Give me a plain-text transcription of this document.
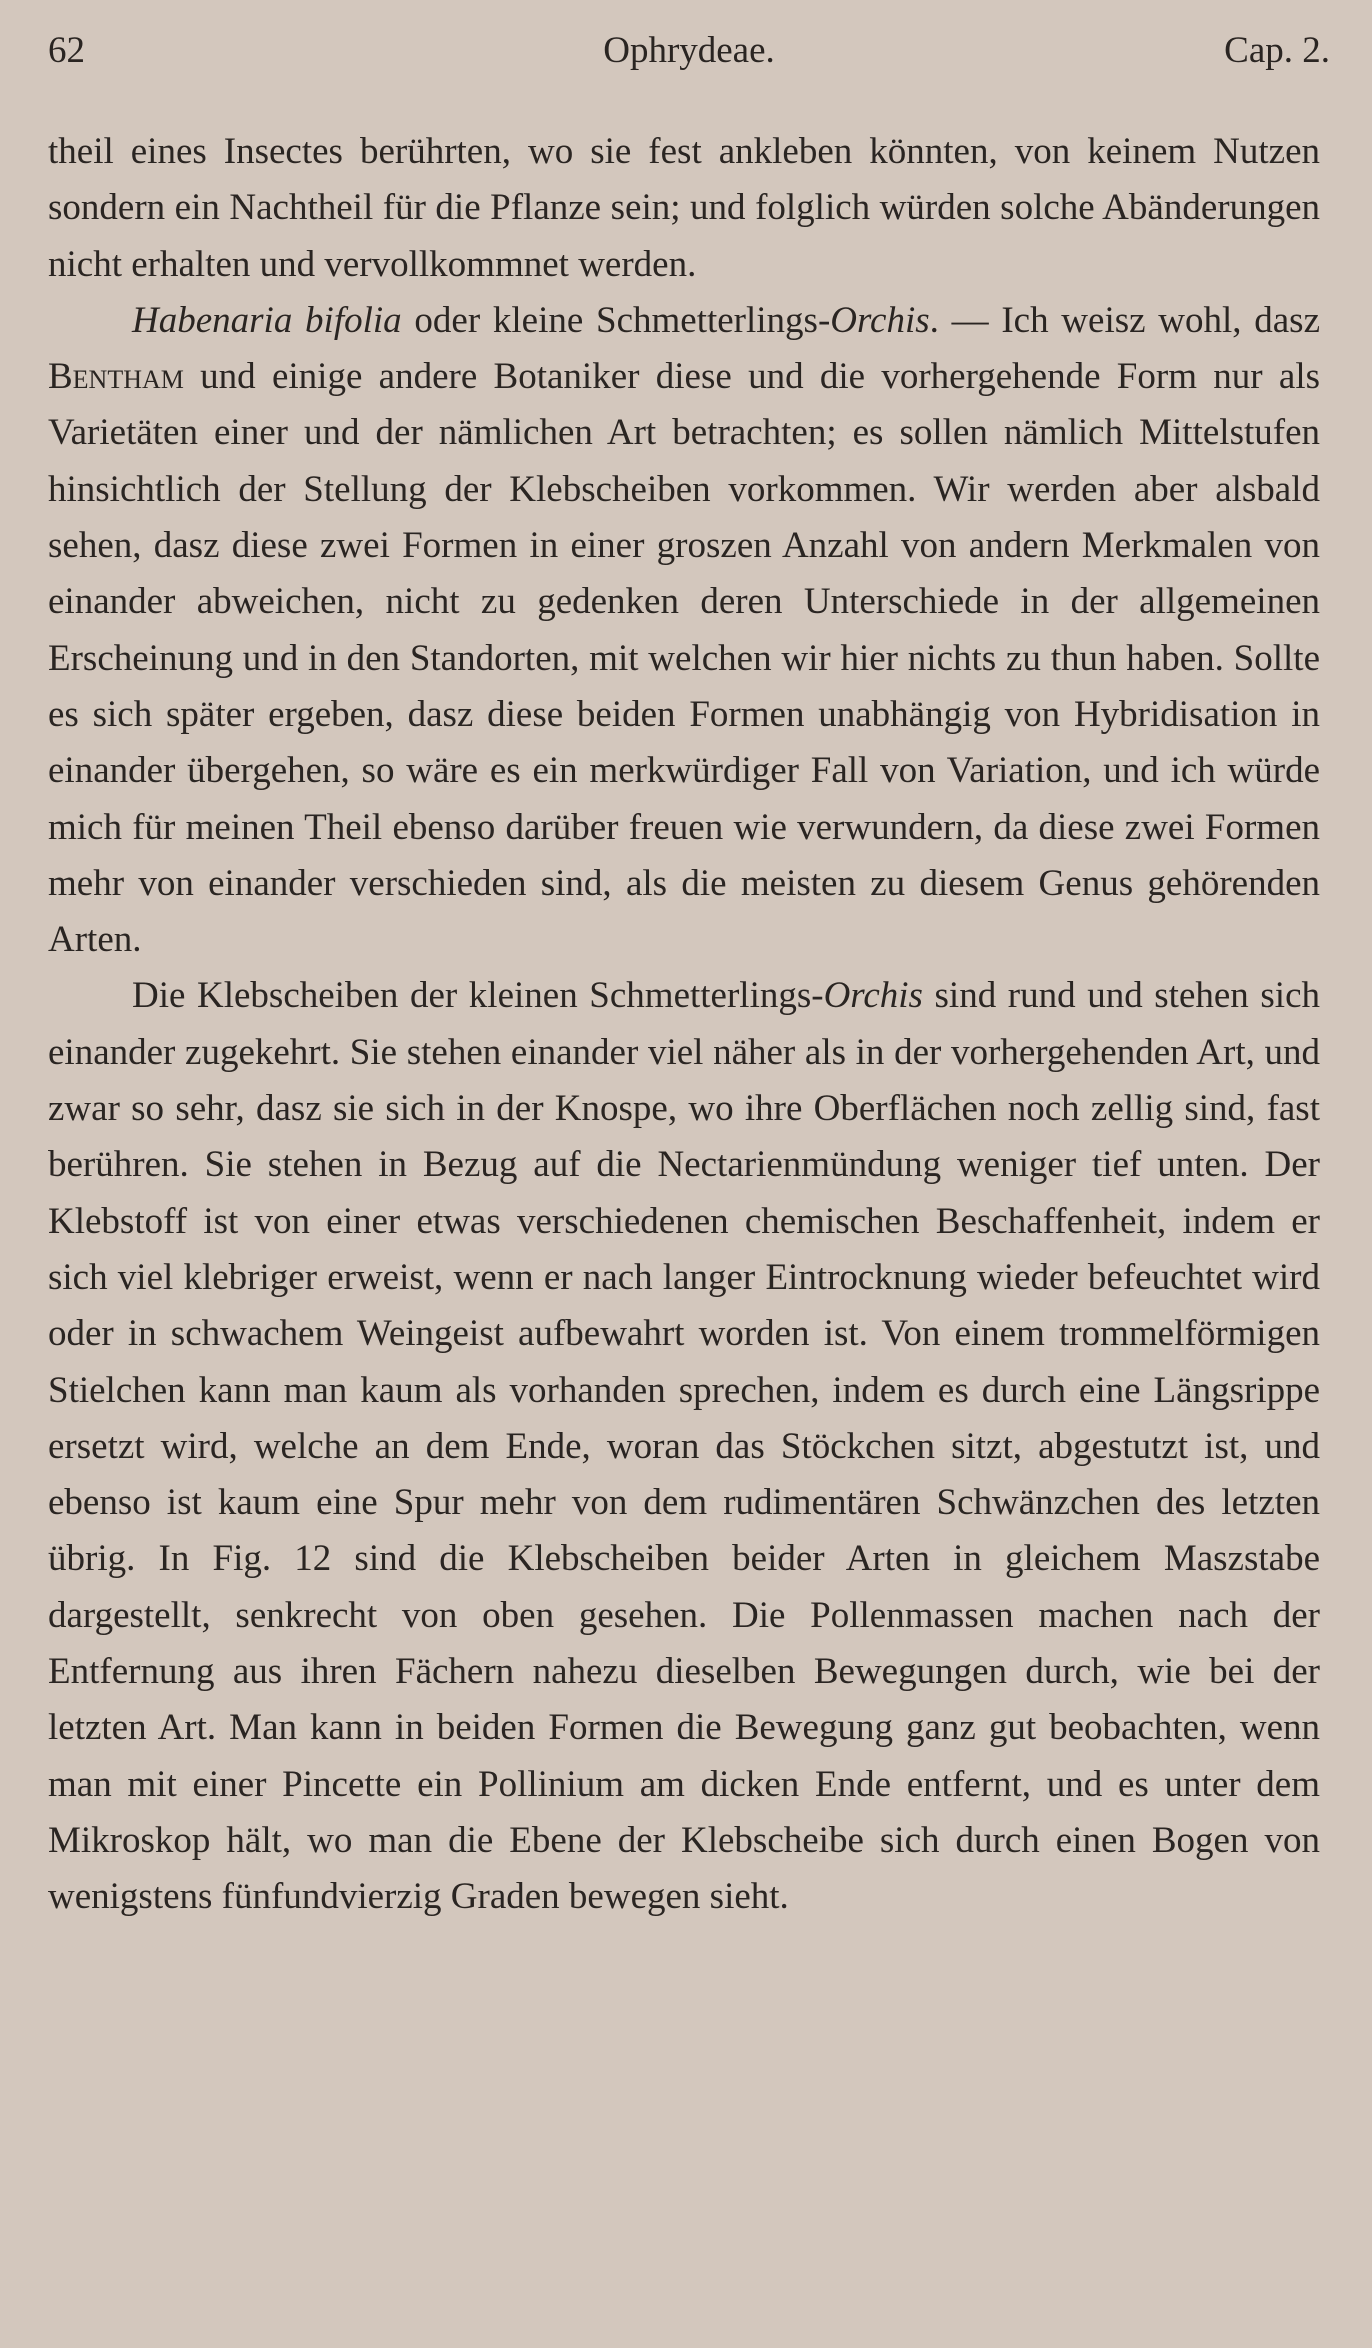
Ophrydeae.
62	Cap. 2.

theil eines Insectes berührten, wo sie fest ankleben könnten, von keinem Nutzen sondern ein Nachtheil für die Pflanze sein; und folglich würden solche Abänderungen nicht erhalten und vervollkommnet werden.

Habenaria bifolia oder kleine Schmetterlings-Orchis. — Ich weisz wohl, dasz Bentham und einige andere Botaniker diese und die vorhergehende Form nur als Varietäten einer und der nämlichen Art betrachten; es sollen nämlich Mittelstufen hinsichtlich der Stellung der Klebscheiben vorkommen. Wir werden aber alsbald sehen, dasz diese zwei Formen in einer groszen Anzahl von andern Merkmalen von einander abweichen, nicht zu gedenken deren Unterschiede in der allgemeinen Erscheinung und in den Standorten, mit welchen wir hier nichts zu thun haben. Sollte es sich später ergeben, dasz diese beiden Formen unabhängig von Hybridisation in einander übergehen, so wäre es ein merkwürdiger Fall von Variation, und ich würde mich für meinen Theil ebenso darüber freuen wie verwundern, da diese zwei Formen mehr von einander verschieden sind, als die meisten zu diesem Genus gehörenden Arten.

Die Klebscheiben der kleinen Schmetterlings-Orchis sind rund und stehen sich einander zugekehrt. Sie stehen einander viel näher als in der vorhergehenden Art, und zwar so sehr, dasz sie sich in der Knospe, wo ihre Oberflächen noch zellig sind, fast berühren. Sie stehen in Bezug auf die Nectarienmündung weniger tief unten. Der Klebstoff ist von einer etwas verschiedenen chemischen Beschaffenheit, indem er sich viel klebriger erweist, wenn er nach langer Eintrocknung wieder befeuchtet wird oder in schwachem Weingeist aufbewahrt worden ist. Von einem trommelförmigen Stielchen kann man kaum als vorhanden sprechen, indem es durch eine Längsrippe ersetzt wird, welche an dem Ende, woran das Stöckchen sitzt, abgestutzt ist, und ebenso ist kaum eine Spur mehr von dem rudimentären Schwänzchen des letzten übrig. In Fig. 12 sind die Klebscheiben beider Arten in gleichem Maszstabe dargestellt, senkrecht von oben gesehen. Die Pollenmassen machen nach der Entfernung aus ihren Fächern nahezu dieselben Bewegungen durch, wie bei der letzten Art. Man kann in beiden Formen die Bewegung ganz gut beobachten, wenn man mit einer Pincette ein Pollinium am dicken Ende entfernt, und es unter dem Mikroskop hält, wo man die Ebene der Klebscheibe sich durch einen Bogen von wenigstens fünfundvierzig Graden bewegen sieht.
